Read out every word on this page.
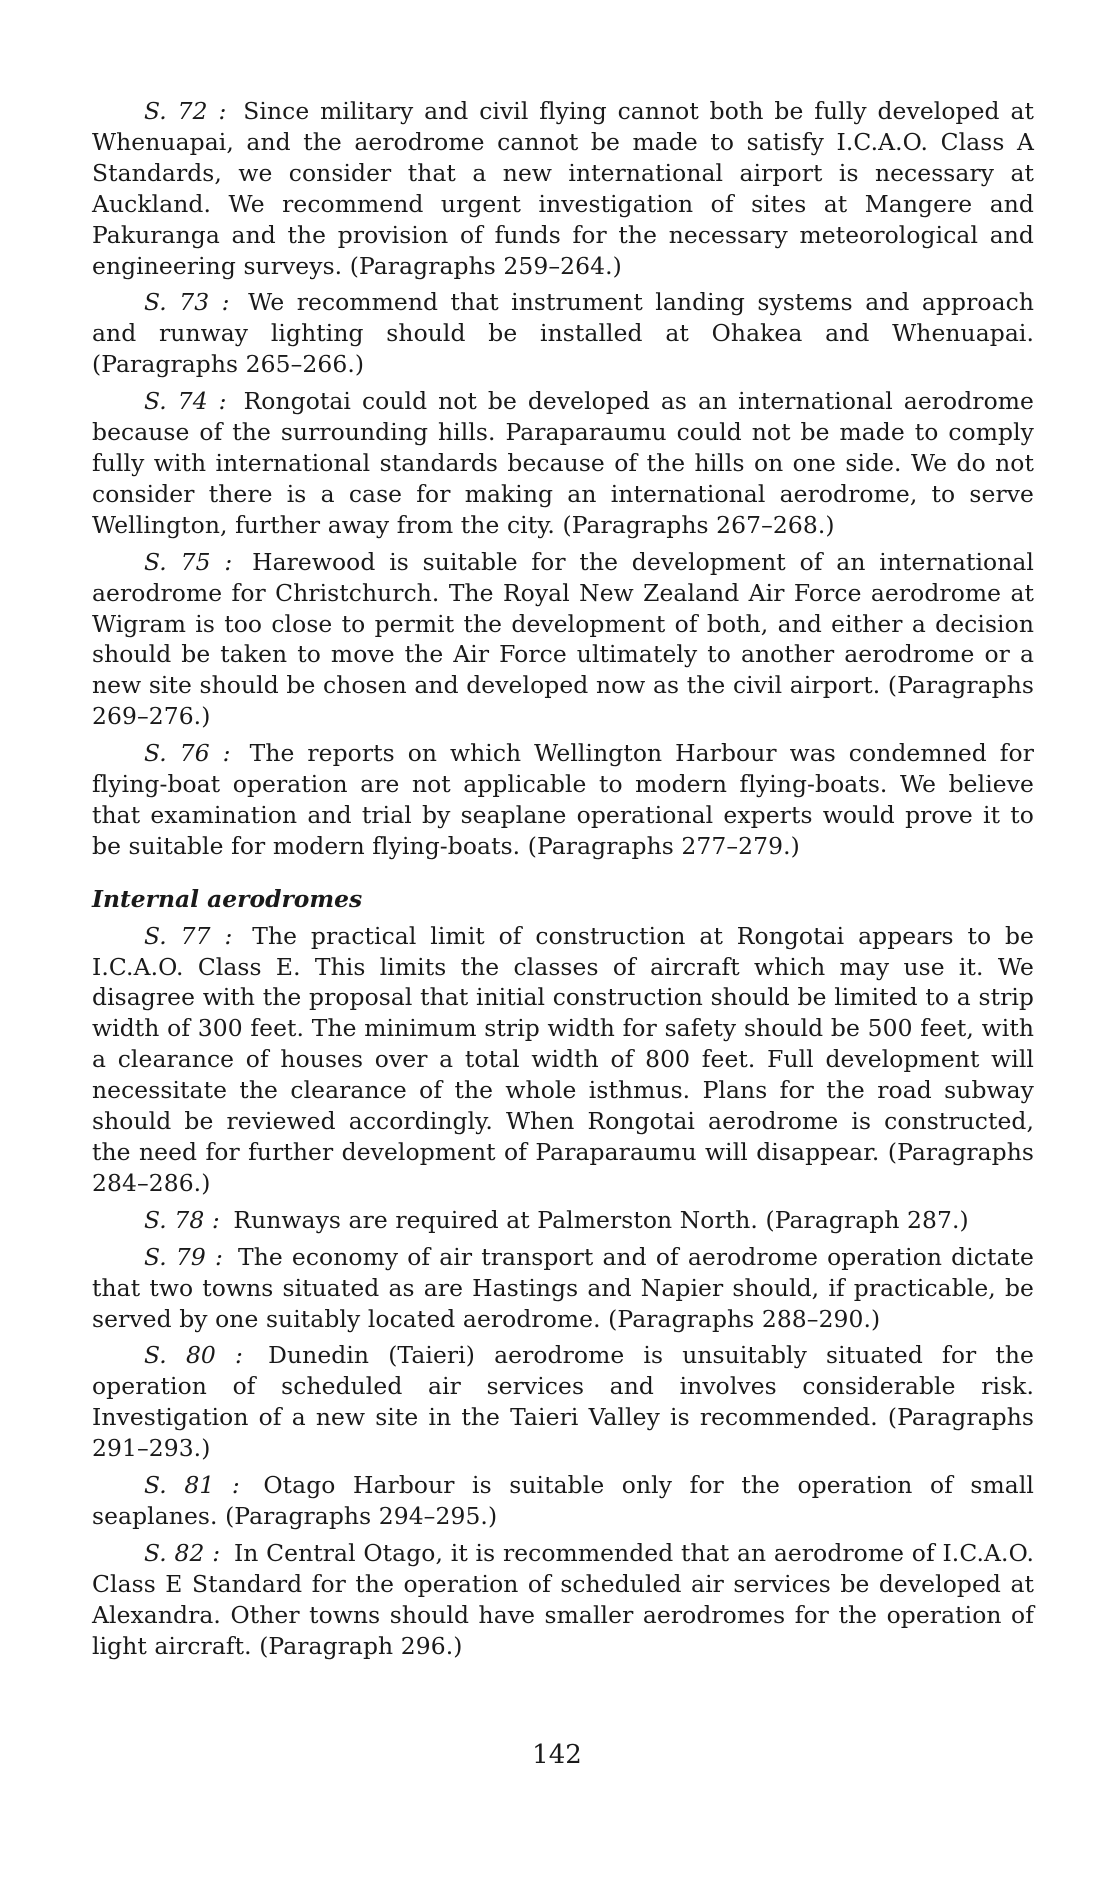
S. 72 : Since military and civil flying cannot both be fully developed at Whenuapai, and the aerodrome cannot be made to satisfy I.C.A.O. Class A Standards, we consider that a new international airport is necessary at Auckland. We recommend urgent investigation of sites at Mangere and Pakuranga and the provision of funds for the necessary meteorological and engineering surveys. (Paragraphs 259–264.)

S. 73 : We recommend that instrument landing systems and approach and runway lighting should be installed at Ohakea and Whenuapai. (Paragraphs 265–266.)

S. 74 : Rongotai could not be developed as an international aerodrome because of the surrounding hills. Paraparaumu could not be made to comply fully with international standards because of the hills on one side. We do not consider there is a case for making an international aerodrome, to serve Wellington, further away from the city. (Paragraphs 267–268.)

S. 75 : Harewood is suitable for the development of an international aerodrome for Christchurch. The Royal New Zealand Air Force aerodrome at Wigram is too close to permit the development of both, and either a decision should be taken to move the Air Force ultimately to another aerodrome or a new site should be chosen and developed now as the civil airport. (Paragraphs 269–276.)

S. 76 : The reports on which Wellington Harbour was condemned for flying-boat operation are not applicable to modern flying-boats. We believe that examination and trial by seaplane operational experts would prove it to be suitable for modern flying-boats. (Paragraphs 277–279.)

Internal aerodromes

S. 77 : The practical limit of construction at Rongotai appears to be I.C.A.O. Class E. This limits the classes of aircraft which may use it. We disagree with the proposal that initial construction should be limited to a strip width of 300 feet. The minimum strip width for safety should be 500 feet, with a clearance of houses over a total width of 800 feet. Full development will necessitate the clearance of the whole isthmus. Plans for the road subway should be reviewed accordingly. When Rongotai aerodrome is constructed, the need for further development of Paraparaumu will disappear. (Paragraphs 284–286.)

S. 78 : Runways are required at Palmerston North. (Paragraph 287.)

S. 79 : The economy of air transport and of aerodrome operation dictate that two towns situated as are Hastings and Napier should, if practicable, be served by one suitably located aerodrome. (Paragraphs 288–290.)

S. 80 : Dunedin (Taieri) aerodrome is unsuitably situated for the operation of scheduled air services and involves considerable risk. Investigation of a new site in the Taieri Valley is recommended. (Paragraphs 291–293.)

S. 81 : Otago Harbour is suitable only for the operation of small seaplanes. (Paragraphs 294–295.)

S. 82 : In Central Otago, it is recommended that an aerodrome of I.C.A.O. Class E Standard for the operation of scheduled air services be developed at Alexandra. Other towns should have smaller aerodromes for the operation of light aircraft. (Paragraph 296.)

142
